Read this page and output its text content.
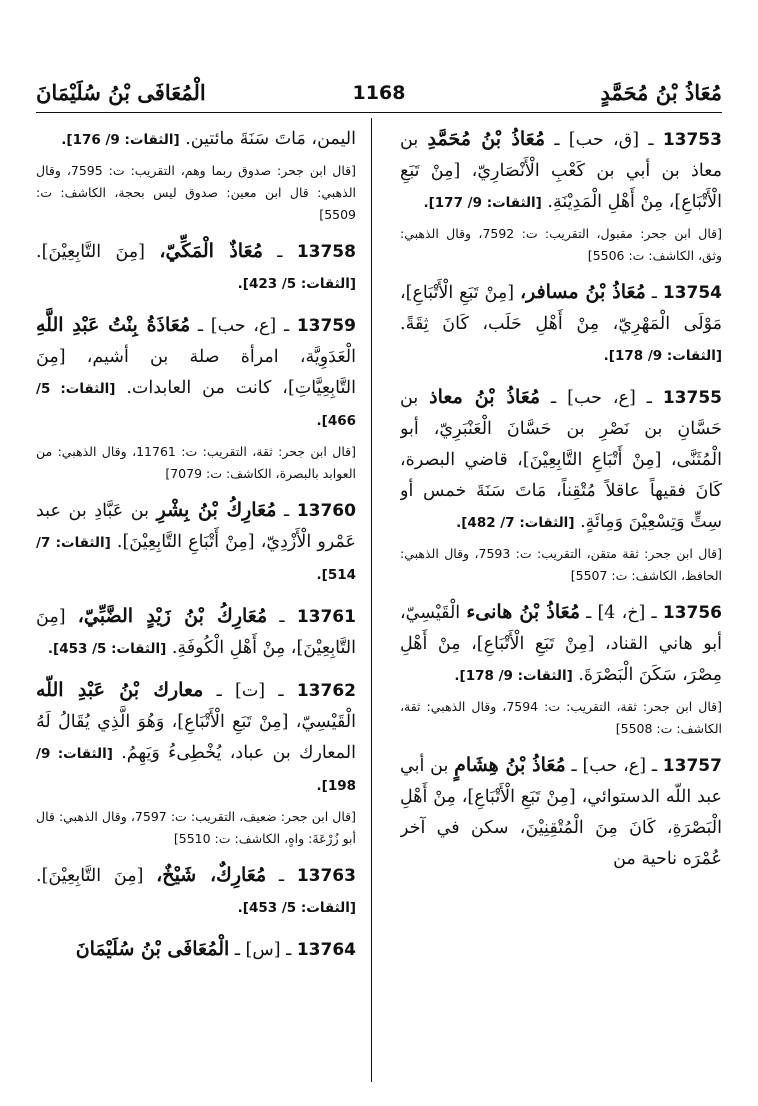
مُعَاذُ بْنُ مُحَمَّدٍ
1168
الْمُعَافَى بْنُ سُلَيْمَانَ

13753 ـ [ق، حب] ـ مُعَاذُ بْنُ مُحَمَّدِ بن معاذ بن أبي بن كَعْبِ الْأَنْصَارِيّ، [مِنْ تَبَعِ الْأَتْبَاعِ]، مِنْ أَهْلِ الْمَدِيْنَةِ. [الثقات: 9/ 177].

[قال ابن جحر: مقبول، التقريب: ت: 7592، وقال الذهبي: وثق، الكاشف: ت: 5506]

13754 ـ مُعَاذُ بْنُ مسافر، [مِنْ تَبَعِ الْأَتْبَاعِ]، مَوْلَى الْمَهْرِيّ، مِنْ أَهْلِ حَلَب، كَانَ ثِقَةً. [الثقات: 9/ 178].

13755 ـ [ع، حب] ـ مُعَاذُ بْنُ معاذ بن حَسَّانِ بن نَصْرِ بن حَسَّانَ الْعَنْبَرِيّ، أبو الْمُثَنَّى، [مِنْ أَتْبَاعِ التَّابِعِيْنَ]، قاضي البصرة، كَانَ فقيهاً عاقلاً مُتْقِناً، مَاتَ سَنَةَ خمس أو سِتٍّ وَتِسْعِيْنَ وَمِائَةٍ. [الثقات: 7/ 482].

[قال ابن جحر: ثقة متقن، التقريب: ت: 7593، وقال الذهبي: الحافظ، الكاشف: ت: 5507]

13756 ـ [خ، 4] ـ مُعَاذُ بْنُ هانىء الْقَيْسِيّ، أبو هاني القناد، [مِنْ تَبَعِ الْأَتْبَاعِ]، مِنْ أَهْلِ مِصْرَ، سَكَنَ الْبَصْرَةَ. [الثقات: 9/ 178].

[قال ابن جحر: ثقة، التقريب: ت: 7594، وقال الذهبي: ثقة، الكاشف: ت: 5508]

13757 ـ [ع، حب] ـ مُعَاذُ بْنُ هِشَامٍ بن أبي عبد اللّه الدستوائي، [مِنْ تَبَعِ الْأَتْبَاعِ]، مِنْ أَهْلِ الْبَصْرَةِ، كَانَ مِنَ الْمُتْقِنِيْنَ، سكن في آخر عُمْرَه ناحية من

اليمن، مَاتَ سَنَةَ مائتين. [الثقات: 9/ 176].

[قال ابن جحر: صدوق ربما وهم، التقريب: ت: 7595، وقال الذهبي: قال ابن معين: صدوق ليس بحجة، الكاشف: ت: 5509]

13758 ـ مُعَاذٌ الْمَكِّيّ، [مِنَ التَّابِعِيْنَ]. [الثقات: 5/ 423].

13759 ـ [ع، حب] ـ مُعَاذَةُ بِنْتُ عَبْدِ اللَّهِ الْعَدَوِيَّة، امرأة صلة بن أشيم، [مِنَ التَّابِعِيَّاتِ]، كانت من العابدات. [الثقات: 5/ 466].

[قال ابن جحر: ثقة، التقريب: ت: 11761، وقال الذهبي: من العوابد بالبصرة، الكاشف: ت: 7079]

13760 ـ مُعَارِكُ بْنُ بِشْرِ بن عَبَّادِ بن عبد عَمْرو الْأَزْدِيّ، [مِنْ أَتْبَاعِ التَّابِعِيْنَ]. [الثقات: 7/ 514].

13761 ـ مُعَارِكُ بْنُ زَيْدٍ الضَّبِّيّ، [مِنَ التَّابِعِيْنَ]، مِنْ أَهْلِ الْكُوفَةِ. [الثقات: 5/ 453].

13762 ـ [ت] ـ معارك بْنُ عَبْدِ اللّه الْقَيْسِيّ، [مِنْ تَبَعِ الْأَتْبَاعِ]، وَهُوَ الَّذِي يُقَالُ لَهُ المعارك بن عباد، يُخْطِىءُ وَيَهِمُ. [الثقات: 9/ 198].

[قال ابن جحر: ضعيف، التقريب: ت: 7597، وقال الذهبي: قال أبو زُرْعَةَ: واهٍ، الكاشف: ت: 5510]

13763 ـ مُعَارِكٌ، شَيْخٌ، [مِنَ التَّابِعِيْنَ]. [الثقات: 5/ 453].

13764 ـ [س] ـ الْمُعَافَى بْنُ سُلَيْمَانَ
